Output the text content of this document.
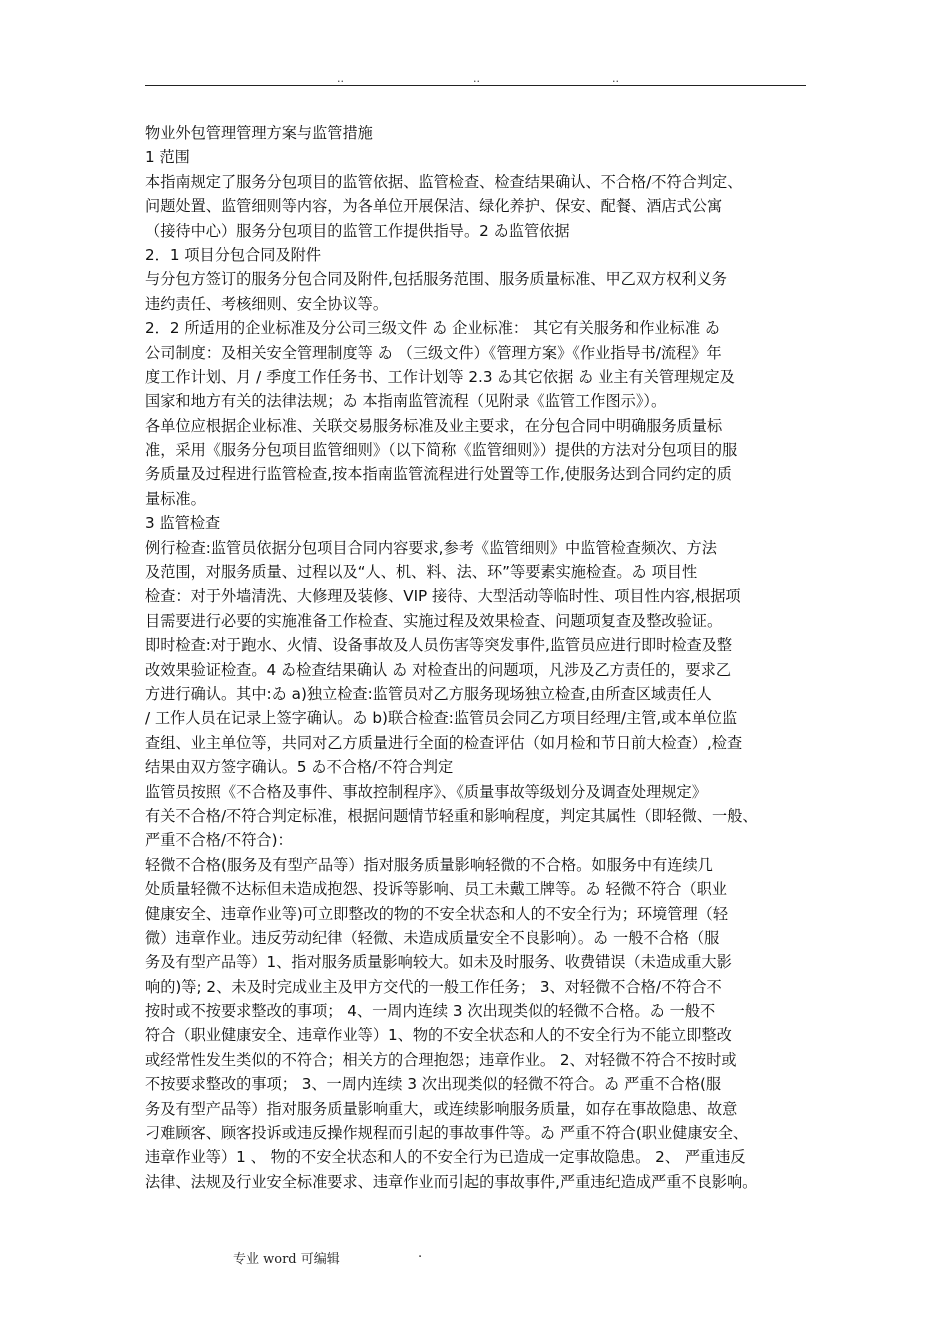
..	..	..
物业外包管理管理方案与监管措施
1 范围
本指南规定了服务分包项目的监管依据、监管检查、检查结果确认、不合格/不符合判定、
问题处置、监管细则等内容，为各单位开展保洁、绿化养护、保安、配餐、酒店式公寓
（接待中心）服务分包项目的监管工作提供指导。2 ゐ监管依据
2．1 项目分包合同及附件
与分包方签订的服务分包合同及附件,包括服务范围、服务质量标准、甲乙双方权利义务
违约责任、考核细则、安全协议等。
2．2 所适用的企业标准及分公司三级文件 ゐ 企业标准： 其它有关服务和作业标准 ゐ
公司制度：及相关安全管理制度等 ゐ （三级文件）《管理方案》《作业指导书/流程》年
度工作计划、月 / 季度工作任务书、工作计划等 2.3 ゐ其它依据 ゐ 业主有关管理规定及
国家和地方有关的法律法规；ゐ 本指南监管流程（见附录《监管工作图示》）。
各单位应根据企业标准、关联交易服务标准及业主要求，在分包合同中明确服务质量标
准，采用《服务分包项目监管细则》（以下简称《监管细则》）提供的方法对分包项目的服
务质量及过程进行监管检查,按本指南监管流程进行处置等工作,使服务达到合同约定的质
量标准。
3 监管检查
例行检查:监管员依据分包项目合同内容要求,参考《监管细则》中监管检查频次、方法
及范围，对服务质量、过程以及“人、机、料、法、环”等要素实施检查。ゐ 项目性
检查：对于外墙清洗、大修理及装修、VIP 接待、大型活动等临时性、项目性内容,根据项
目需要进行必要的实施准备工作检查、实施过程及效果检查、问题项复查及整改验证。
即时检查:对于跑水、火情、设备事故及人员伤害等突发事件,监管员应进行即时检查及整
改效果验证检查。4 ゐ检查结果确认 ゐ 对检查出的问题项，凡涉及乙方责任的，要求乙
方进行确认。其中:ゐ a)独立检查:监管员对乙方服务现场独立检查,由所查区域责任人
/ 工作人员在记录上签字确认。ゐ b)联合检查:监管员会同乙方项目经理/主管,或本单位监
查组、业主单位等，共同对乙方质量进行全面的检查评估（如月检和节日前大检查）,检查
结果由双方签字确认。5 ゐ不合格/不符合判定
监管员按照《不合格及事件、事故控制程序》、《质量事故等级划分及调查处理规定》
有关不合格/不符合判定标准，根据问题情节轻重和影响程度，判定其属性（即轻微、一般、
严重不合格/不符合)：
轻微不合格(服务及有型产品等）指对服务质量影响轻微的不合格。如服务中有连续几
处质量轻微不达标但未造成抱怨、投诉等影响、员工未戴工牌等。ゐ 轻微不符合（职业
健康安全、违章作业等)可立即整改的物的不安全状态和人的不安全行为；环境管理（轻
微）违章作业。违反劳动纪律（轻微、未造成质量安全不良影响）。ゐ 一般不合格（服
务及有型产品等）1、指对服务质量影响较大。如未及时服务、收费错误（未造成重大影
响的)等; 2、未及时完成业主及甲方交代的一般工作任务； 3、对轻微不合格/不符合不
按时或不按要求整改的事项； 4、一周内连续 3 次出现类似的轻微不合格。ゐ 一般不
符合（职业健康安全、违章作业等）1、物的不安全状态和人的不安全行为不能立即整改
或经常性发生类似的不符合；相关方的合理抱怨；违章作业。 2、对轻微不符合不按时或
不按要求整改的事项； 3、一周内连续 3 次出现类似的轻微不符合。ゐ 严重不合格(服
务及有型产品等）指对服务质量影响重大，或连续影响服务质量，如存在事故隐患、故意
刁难顾客、顾客投诉或违反操作规程而引起的事故事件等。ゐ 严重不符合(职业健康安全、
违章作业等）1 、 物的不安全状态和人的不安全行为已造成一定事故隐患。 2、 严重违反
法律、法规及行业安全标准要求、违章作业而引起的事故事件,严重违纪造成严重不良影响。
专业 word 可编辑	.
